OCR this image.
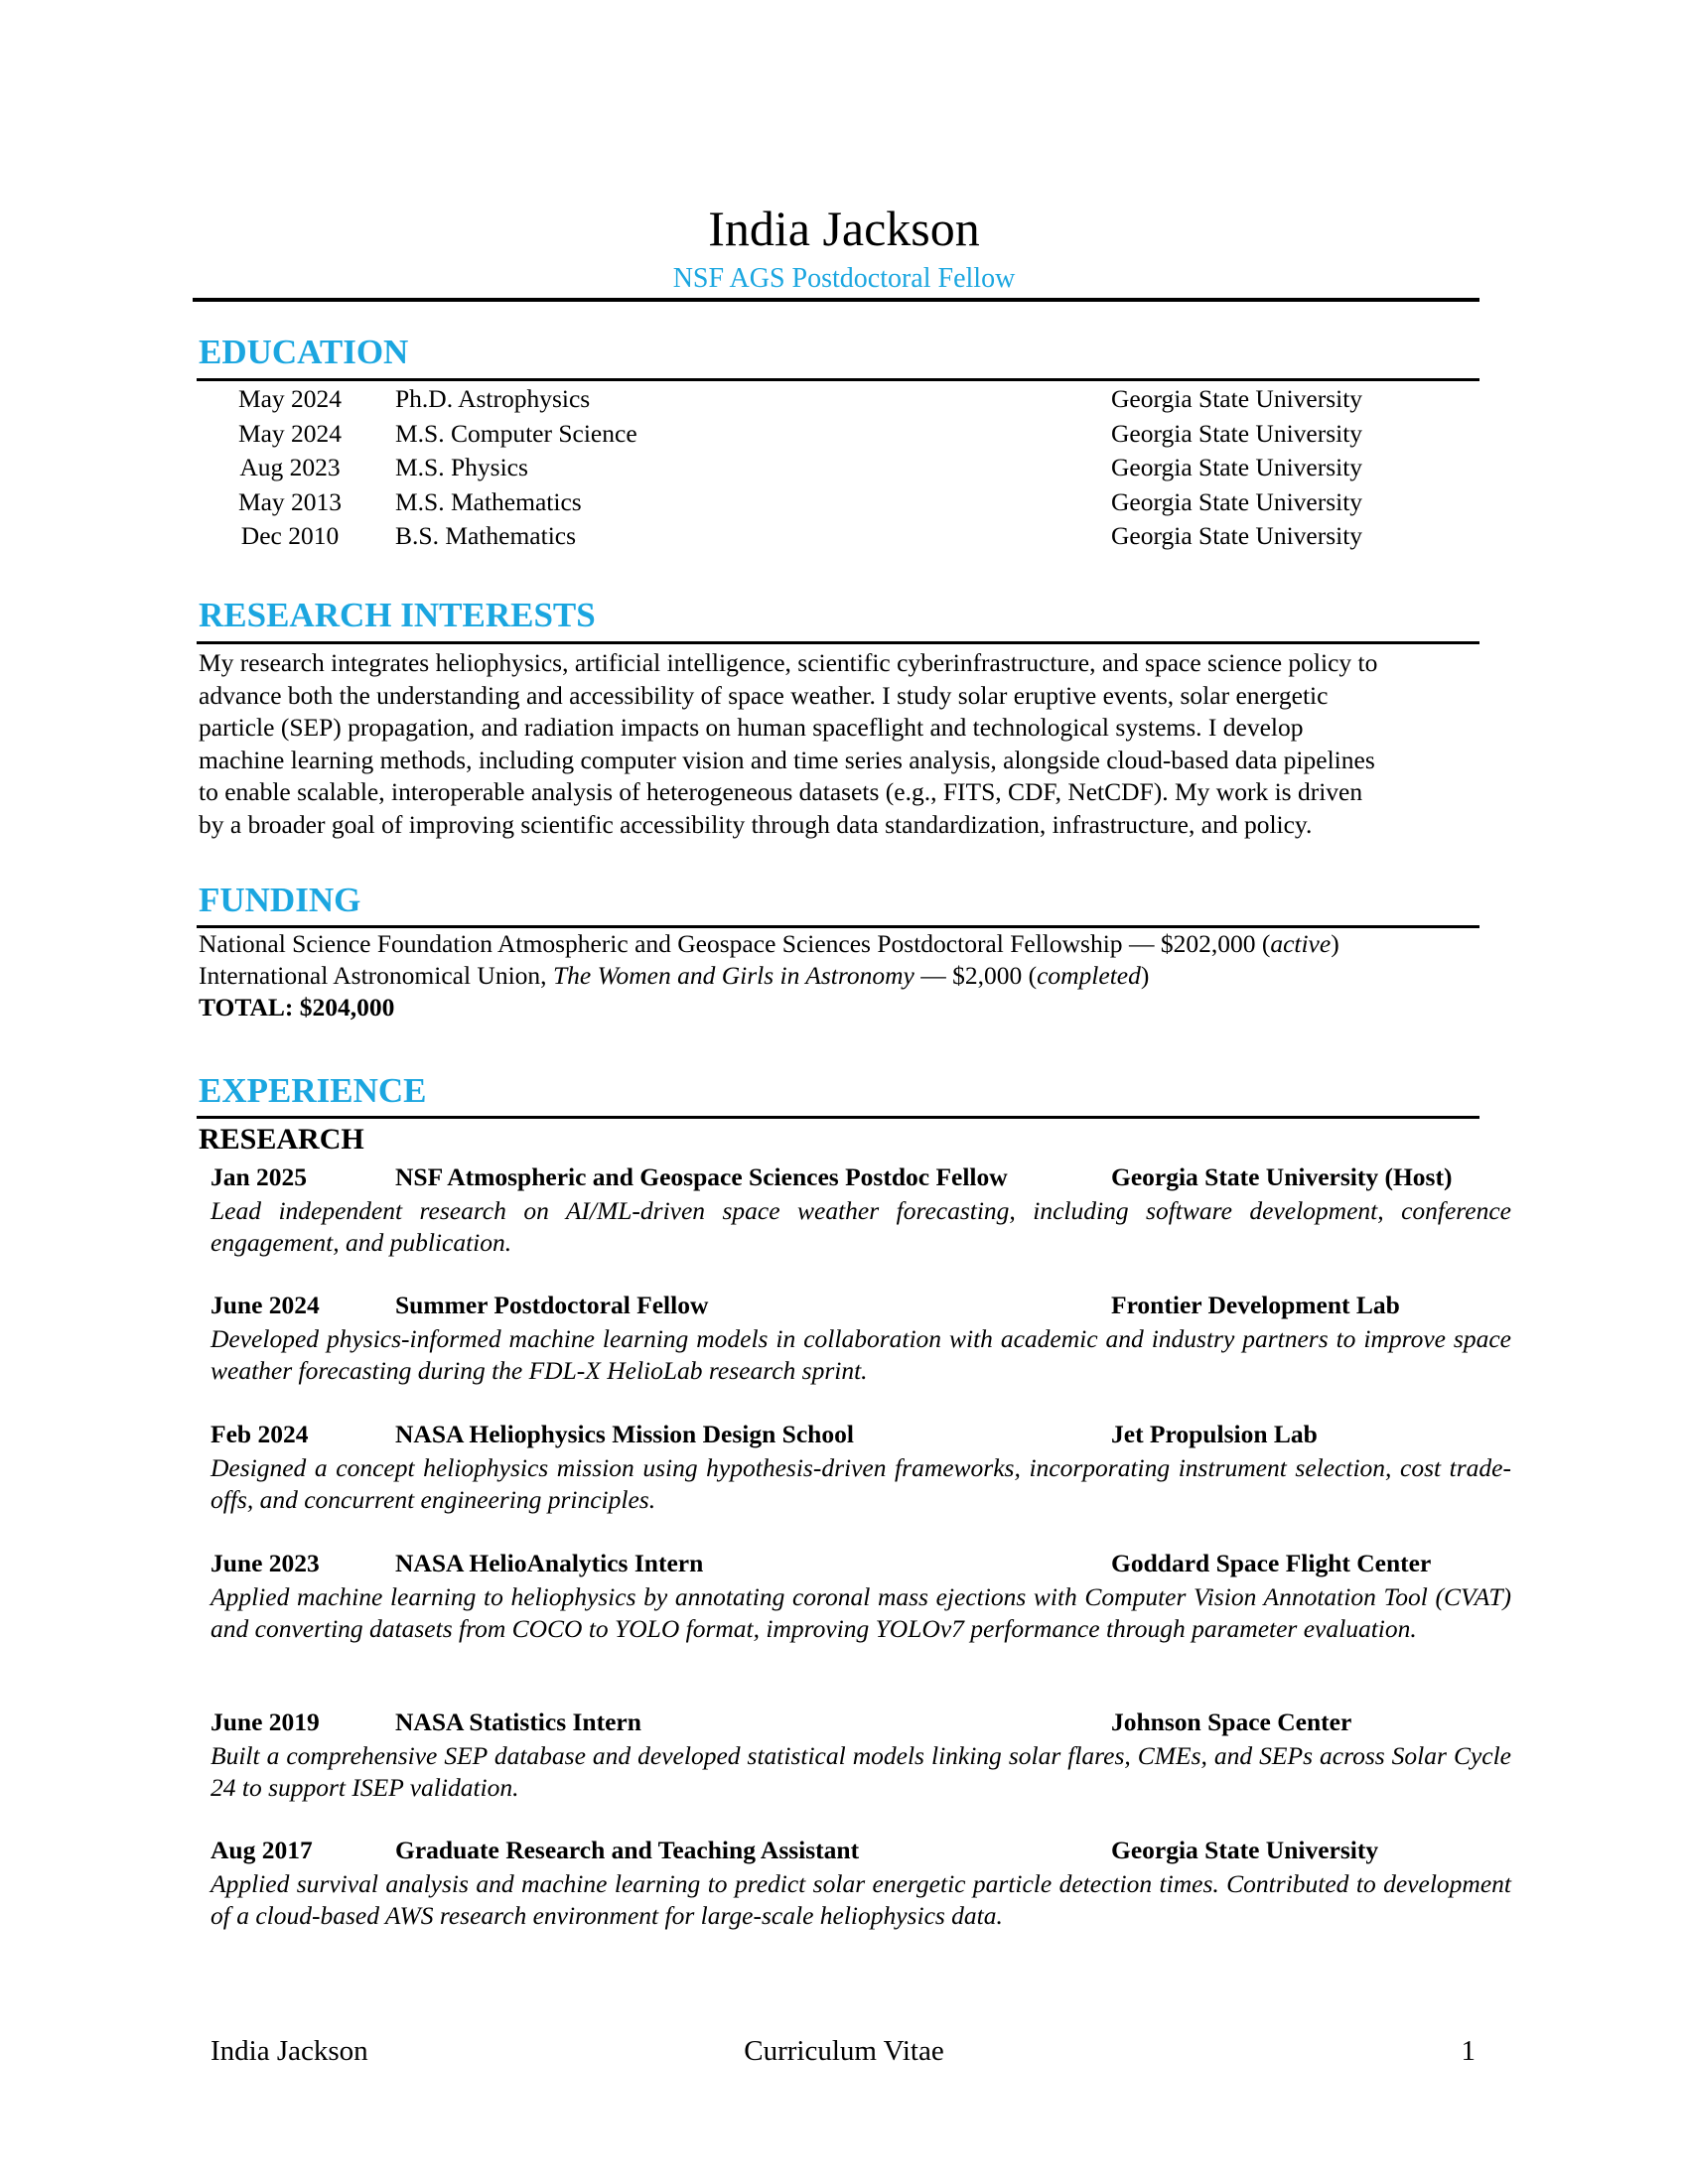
India Jackson
NSF AGS Postdoctoral Fellow
EDUCATION
May 2024 Ph.D. Astrophysics	Georgia State University
May 2024 M.S. Computer Science	Georgia State University
Aug 2023 M.S. Physics	Georgia State University
May 2013 M.S. Mathematics	Georgia State University
Dec 2010 B.S. Mathematics	Georgia State University
RESEARCH INTERESTS
My research integrates heliophysics, artificial intelligence, scientific cyberinfrastructure, and space science policy to
advance both the understanding and accessibility of space weather. I study solar eruptive events, solar energetic
particle (SEP) propagation, and radiation impacts on human spaceflight and technological systems. I develop
machine learning methods, including computer vision and time series analysis, alongside cloud-based data pipelines
to enable scalable, interoperable analysis of heterogeneous datasets (e.g., FITS, CDF, NetCDF). My work is driven
by a broader goal of improving scientific accessibility through data standardization, infrastructure, and policy.
FUNDING
National Science Foundation Atmospheric and Geospace Sciences Postdoctoral Fellowship — $202,000 (active)
International Astronomical Union, The Women and Girls in Astronomy — $2,000 (completed)
TOTAL: $204,000
EXPERIENCE
RESEARCH
Jan 2025	NSF Atmospheric and Geospace Sciences Postdoc Fellow	Georgia State University (Host)
Lead independent research on AI/ML-driven space weather forecasting, including software development, conference engagement, and publication.
June 2024	Summer Postdoctoral Fellow	Frontier Development Lab
Developed physics-informed machine learning models in collaboration with academic and industry partners to improve space weather forecasting during the FDL-X HelioLab research sprint.
Feb 2024	NASA Heliophysics Mission Design School	Jet Propulsion Lab
Designed a concept heliophysics mission using hypothesis-driven frameworks, incorporating instrument selection, cost trade-offs, and concurrent engineering principles.
June 2023	NASA HelioAnalytics Intern	Goddard Space Flight Center
Applied machine learning to heliophysics by annotating coronal mass ejections with Computer Vision Annotation Tool (CVAT) and converting datasets from COCO to YOLO format, improving YOLOv7 performance through parameter evaluation.
June 2019	NASA Statistics Intern	Johnson Space Center
Built a comprehensive SEP database and developed statistical models linking solar flares, CMEs, and SEPs across Solar Cycle 24 to support ISEP validation.
Aug 2017	Graduate Research and Teaching Assistant	Georgia State University
Applied survival analysis and machine learning to predict solar energetic particle detection times. Contributed to development of a cloud-based AWS research environment for large-scale heliophysics data.
India Jackson	Curriculum Vitae	1
